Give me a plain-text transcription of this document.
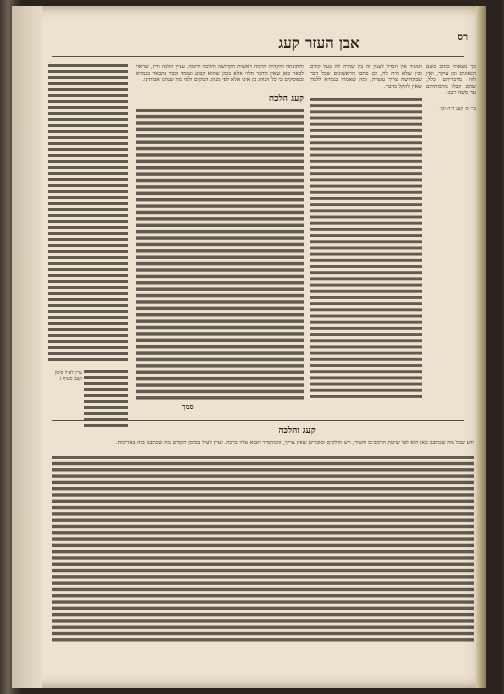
אבן העזר קעג	רס
עיין לעיל סימן קעב סעיף ג
וחתונתה והקהיה הרמה ראשית הקדושה והלכה ודומה. עניין הלכה ודין, שראוי לבאר כאן שאין הדבר תלוי אלא בזמן שהוא קבוע ועומד וכבר נתבאר בגמרא ובפוסקים כי כל הנוהג כן אינו אלא לפי מנהג המקום ולפי מה שנהגו אבותינו.
קעג הלכה
סמך
המגיד אין הבדל לענין זה בין שהיה לה בעל קודם ובין שלא היה לה, וכן כתבו הראשונים שכל דבר שבקדושה צריך עשרה, ומה שאמרו בגמרא ללמד שאין להקל בדבר.
כך מצאתי כתוב בשם הגאונים וכן עיקר, ואין לזוז מדבריהם כלל, שהם קבלו מרבותיהם עד משה רבנו.
ב״י ס׳ קעג ד״ה וכו׳
קעג והלכה
ודע שכל מה שכתבנו כאן הוא לפי שיטת הרמב״ם והטור, ויש חולקים וסוברים שאין צריך, והמחמיר תבוא עליו ברכה. ועיין לעיל בסימן הקודם מה שכתבנו בזה באריכות.
